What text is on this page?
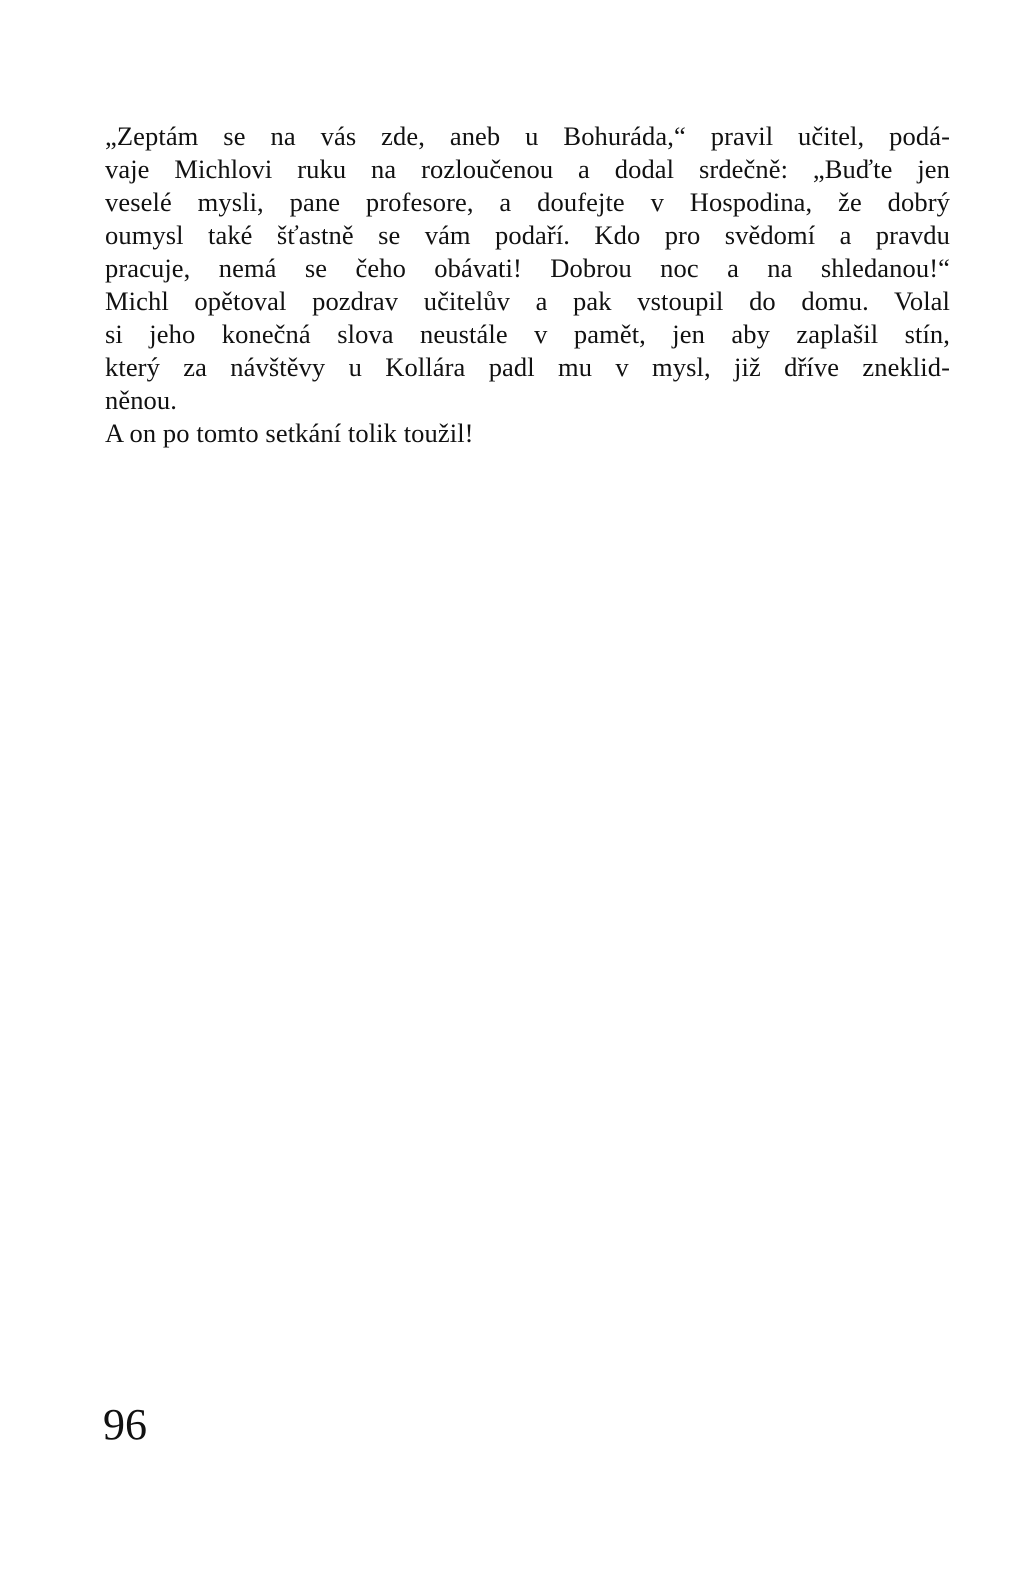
„Zeptám se na vás zde, aneb u Bohuráda,“ pravil učitel, podá-
vaje Michlovi ruku na rozloučenou a dodal srdečně: „Buďte jen
veselé mysli, pane profesore, a doufejte v Hospodina, že dobrý
oumysl také šťastně se vám podaří. Kdo pro svědomí a pravdu
pracuje, nemá se čeho obávati! Dobrou noc a na shledanou!“
Michl opětoval pozdrav učitelův a pak vstoupil do domu. Volal
si jeho konečná slova neustále v pamět, jen aby zaplašil stín,
který za návštěvy u Kollára padl mu v mysl, již dříve zneklid-
něnou.
A on po tomto setkání tolik toužil!
96
